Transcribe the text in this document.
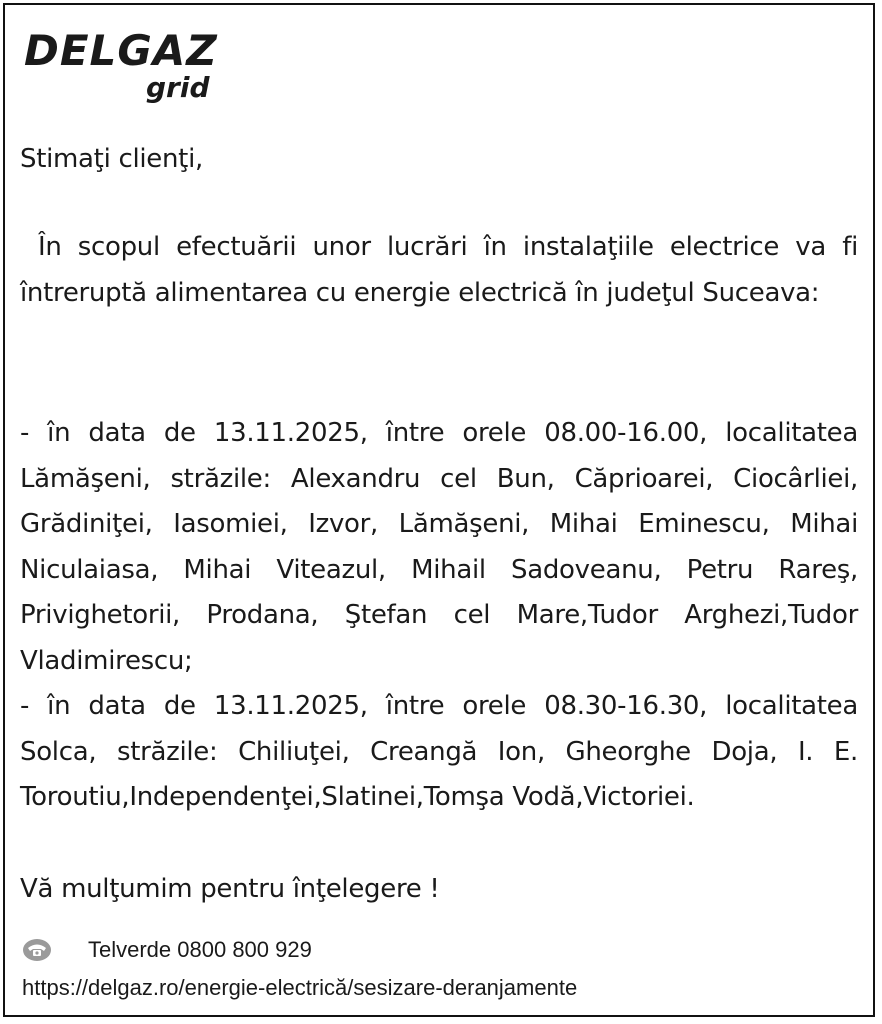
DELGAZ
grid
Stimaţi clienţi,
În scopul efectuării unor lucrări în instalaţiile electrice va fi întreruptă alimentarea cu energie electrică în judeţul Suceava:
- în data de 13.11.2025, între orele 08.00-16.00, localitatea Lămăşeni, străzile: Alexandru cel Bun, Căprioarei, Ciocârliei, Grădiniţei, Iasomiei, Izvor, Lămăşeni, Mihai Eminescu, Mihai Niculaiasa, Mihai Viteazul, Mihail Sadoveanu, Petru Rareş, Privighetorii, Prodana, Ştefan cel Mare,Tudor Arghezi,Tudor Vladimirescu;
- în data de 13.11.2025, între orele 08.30-16.30, localitatea Solca, străzile: Chiliuţei, Creangă Ion, Gheorghe Doja, I. E. Toroutiu,Independenţei,Slatinei,Tomşa Vodă,Victoriei.
Vă mulţumim pentru înţelegere !
Telverde 0800 800 929
https://delgaz.ro/energie-electrică/sesizare-deranjamente
